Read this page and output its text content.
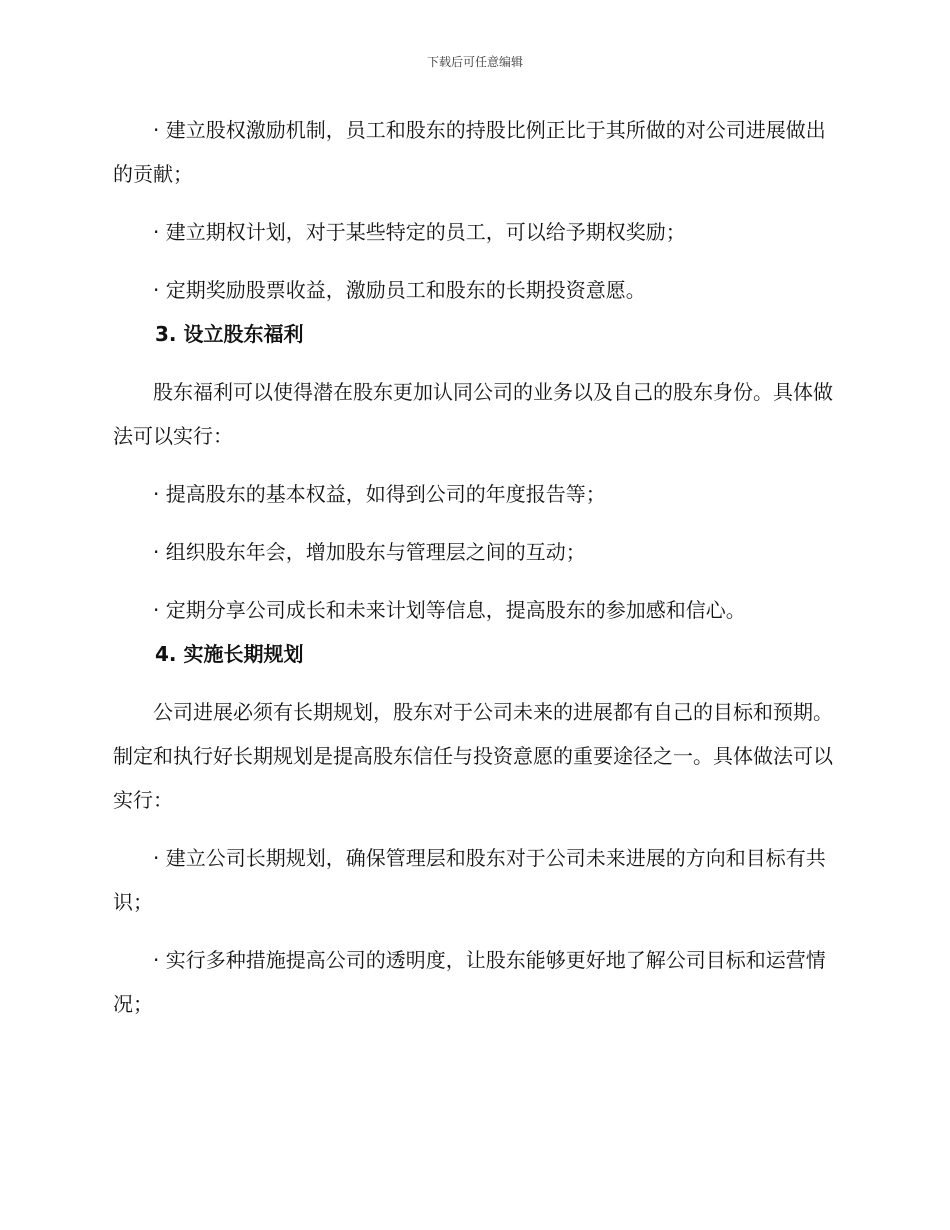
下载后可任意编辑

· 建立股权激励机制，员工和股东的持股比例正比于其所做的对公司进展做出的贡献；

· 建立期权计划，对于某些特定的员工，可以给予期权奖励；

· 定期奖励股票收益，激励员工和股东的长期投资意愿。

3. 设立股东福利

股东福利可以使得潜在股东更加认同公司的业务以及自己的股东身份。具体做法可以实行：

· 提高股东的基本权益，如得到公司的年度报告等；

· 组织股东年会，增加股东与管理层之间的互动；

· 定期分享公司成长和未来计划等信息，提高股东的参加感和信心。

4. 实施长期规划

公司进展必须有长期规划，股东对于公司未来的进展都有自己的目标和预期。制定和执行好长期规划是提高股东信任与投资意愿的重要途径之一。具体做法可以实行：

· 建立公司长期规划，确保管理层和股东对于公司未来进展的方向和目标有共识；

· 实行多种措施提高公司的透明度，让股东能够更好地了解公司目标和运营情况；
